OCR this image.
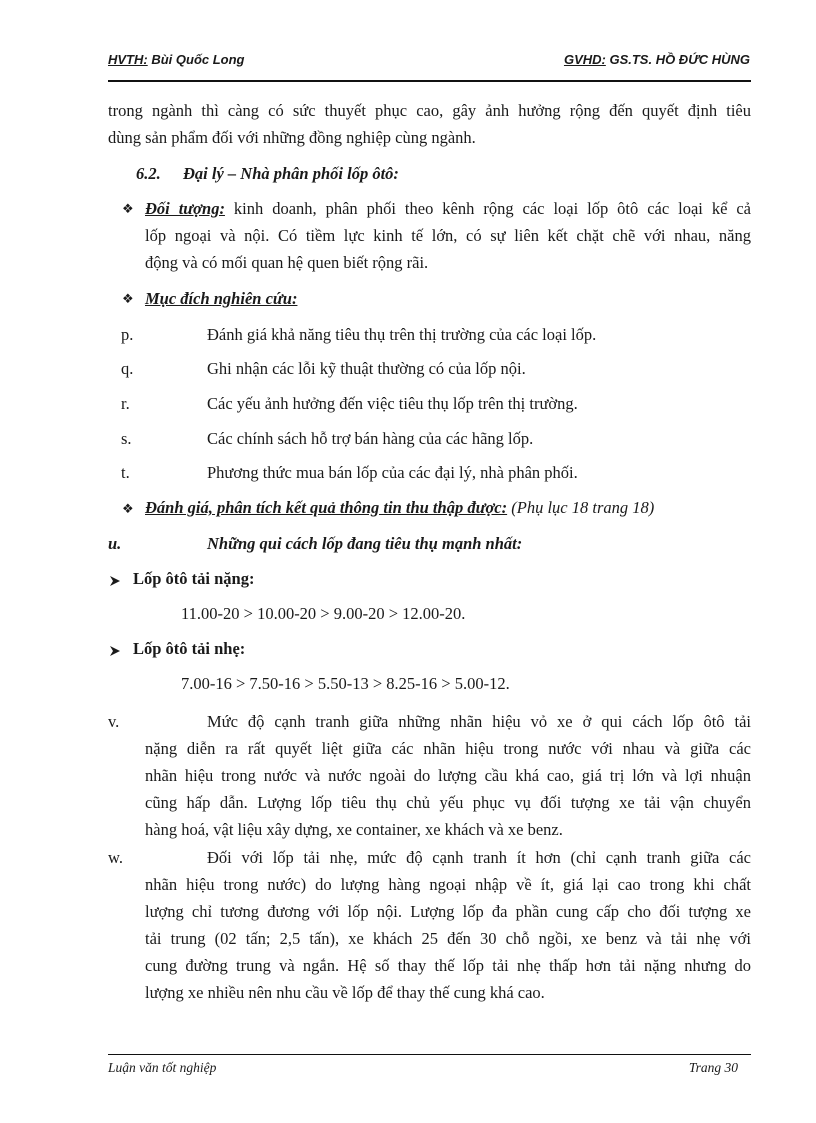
HVTH: Bùi Quốc Long	GVHD: GS.TS. HỒ ĐỨC HÙNG
trong ngành thì càng có sức thuyết phục cao, gây ảnh hưởng rộng đến quyết định tiêu
dùng sản phẩm đối với những đồng nghiệp cùng ngành.
6.2. Đại lý – Nhà phân phối lốp ôtô:
❖ Đối tượng: kinh doanh, phân phối theo kênh rộng các loại lốp ôtô các loại kể cả
lốp ngoại và nội. Có tiềm lực kinh tế lớn, có sự liên kết chặt chẽ với nhau, năng
động và có mối quan hệ quen biết rộng rãi.
❖ Mục đích nghiên cứu:
p.	Đánh giá khả năng tiêu thụ trên thị trường của các loại lốp.
q.	Ghi nhận các lỗi kỹ thuật thường có của lốp nội.
r.	Các yếu ảnh hưởng đến việc tiêu thụ lốp trên thị trường.
s.	Các chính sách hỗ trợ bán hàng của các hãng lốp.
t.	Phương thức mua bán lốp của các đại lý, nhà phân phối.
❖ Đánh giá, phân tích kết quả thông tin thu thập được: (Phụ lục 18 trang 18)
u.	Những qui cách lốp đang tiêu thụ mạnh nhất:
Lốp ôtô tải nặng:
11.00-20 > 10.00-20 > 9.00-20 > 12.00-20.
Lốp ôtô tải nhẹ:
7.00-16 > 7.50-16 > 5.50-13 > 8.25-16 > 5.00-12.
v.	Mức độ cạnh tranh giữa những nhãn hiệu vỏ xe ở qui cách lốp ôtô tải
nặng diễn ra rất quyết liệt giữa các nhãn hiệu trong nước với nhau và giữa các
nhãn hiệu trong nước và nước ngoài do lượng cầu khá cao, giá trị lớn và lợi nhuận
cũng hấp dẫn. Lượng lốp tiêu thụ chủ yếu phục vụ đối tượng xe tải vận chuyển
hàng hoá, vật liệu xây dựng, xe container, xe khách và xe benz.
w.	Đối với lốp tải nhẹ, mức độ cạnh tranh ít hơn (chỉ cạnh tranh giữa các
nhãn hiệu trong nước) do lượng hàng ngoại nhập về ít, giá lại cao trong khi chất
lượng chỉ tương đương với lốp nội. Lượng lốp đa phần cung cấp cho đối tượng xe
tải trung (02 tấn; 2,5 tấn), xe khách 25 đến 30 chỗ ngồi, xe benz và tải nhẹ với
cung đường trung và ngắn. Hệ số thay thế lốp tải nhẹ thấp hơn tải nặng nhưng do
lượng xe nhiều nên nhu cầu về lốp để thay thế cung khá cao.
Luận văn tốt nghiệp	Trang 30
